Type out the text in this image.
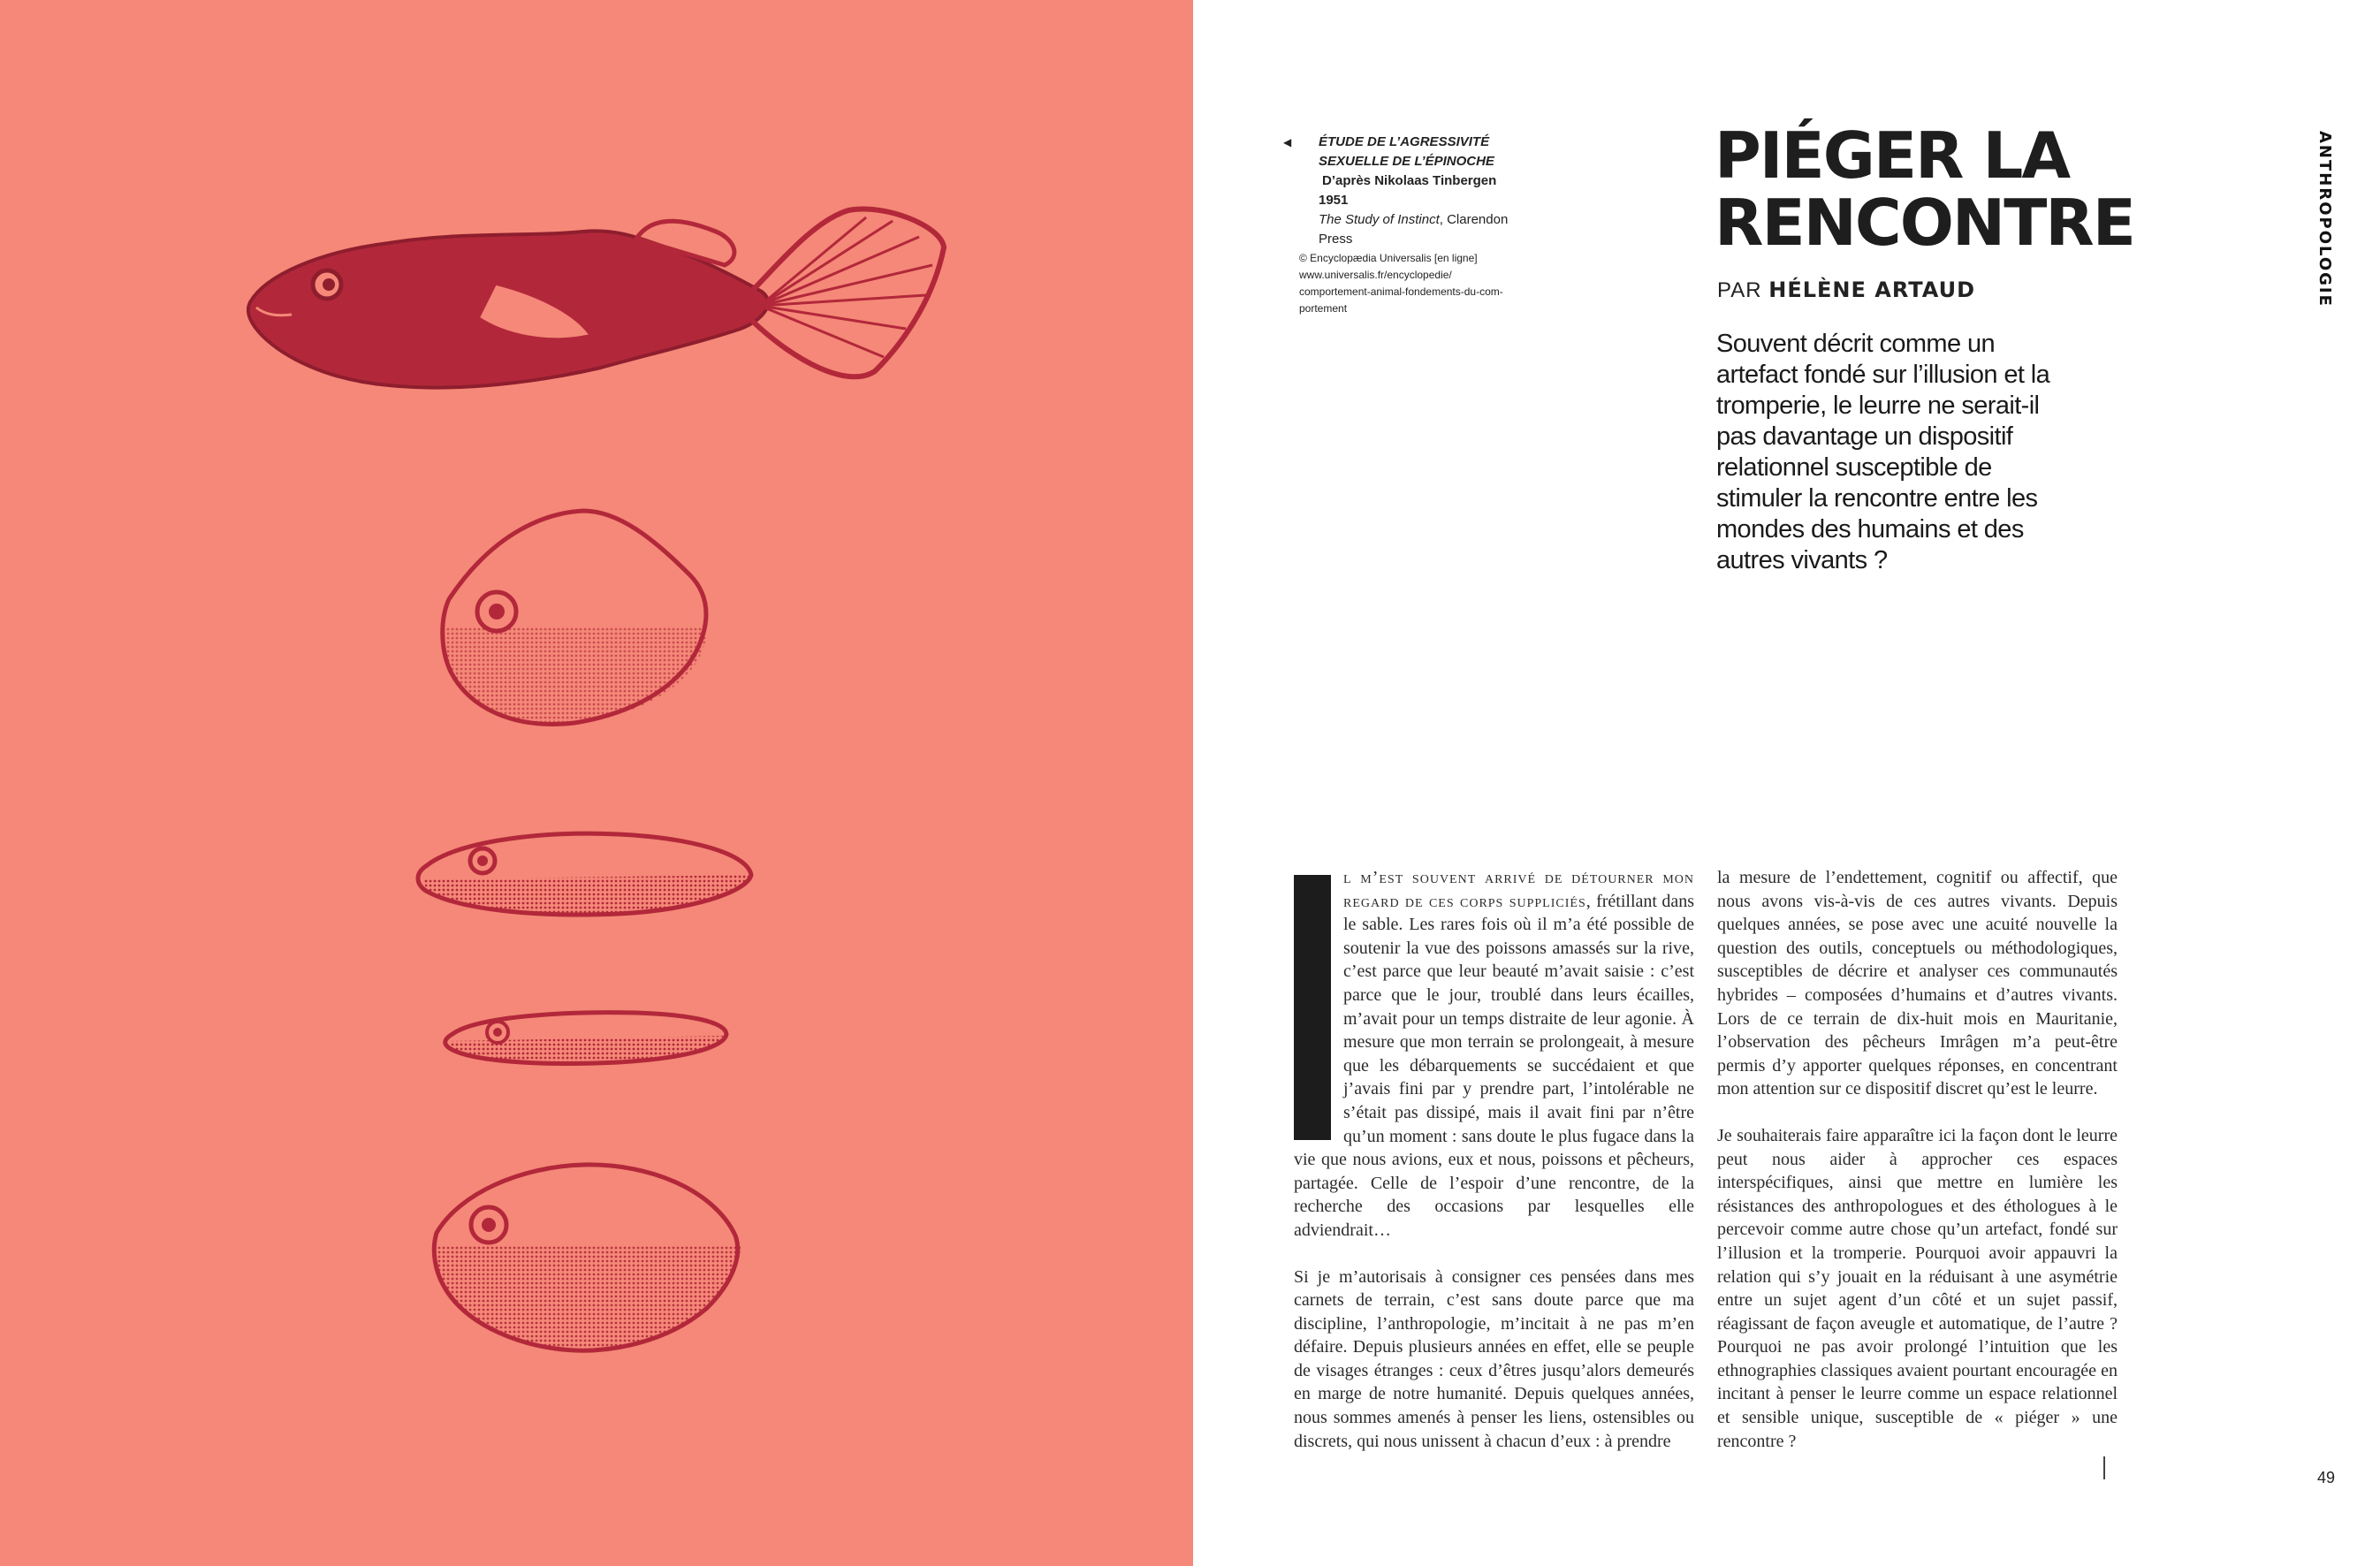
◀	ÉTUDE DE L’AGRESSIVITÉ
SEXUELLE DE L’ÉPINOCHE
D’après Nikolaas Tinbergen
1951
The Study of Instinct, Clarendon
Press
© Encyclopædia Universalis [en ligne]
www.universalis.fr/encyclopedie/
comportement-animal-fondements-du-com-
portement
PIÉGER LA
RENCONTRE
PAR HÉLÈNE ARTAUD
Souvent décrit comme un artefact fondé sur l’illusion et la tromperie, le leurre ne serait-il pas davantage un dispositif relationnel susceptible de stimuler la rencontre entre les mondes des humains et des autres vivants ?
ANTHROPOLOGIE

l m’est souvent arrivé de détourner mon regard de ces corps suppliciés, frétillant dans le sable. Les rares fois où il m’a été possible de soutenir la vue des poissons amassés sur la rive, c’est parce que leur beauté m’avait saisie : c’est parce que le jour, troublé dans leurs écailles, m’avait pour un temps distraite de leur agonie. À mesure que mon terrain se prolongeait, à mesure que les débarquements se succédaient et que j’avais fini par y prendre part, l’intolérable ne s’était pas dissipé, mais il avait fini par n’être qu’un moment : sans doute le plus fugace dans la vie que nous avions, eux et nous, poissons et pêcheurs, partagée. Celle de l’espoir d’une rencontre, de la recherche des occasions par lesquelles elle adviendrait…

Si je m’autorisais à consigner ces pensées dans mes carnets de terrain, c’est sans doute parce que ma discipline, l’anthropologie, m’incitait à ne pas m’en défaire. Depuis plusieurs années en effet, elle se peuple de visages étranges : ceux d’êtres jusqu’alors demeurés en marge de notre humanité. Depuis quelques années, nous sommes amenés à penser les liens, ostensibles ou discrets, qui nous unissent à chacun d’eux : à prendre

la mesure de l’endettement, cognitif ou affectif, que nous avons vis-à-vis de ces autres vivants. Depuis quelques années, se pose avec une acuité nouvelle la question des outils, conceptuels ou méthodologiques, susceptibles de décrire et analyser ces communautés hybrides – composées d’humains et d’autres vivants. Lors de ce terrain de dix-huit mois en Mauritanie, l’observation des pêcheurs Imrâgen m’a peut-être permis d’y apporter quelques réponses, en concentrant mon attention sur ce dispositif discret qu’est le leurre.

Je souhaiterais faire apparaître ici la façon dont le leurre peut nous aider à approcher ces espaces interspécifiques, ainsi que mettre en lumière les résistances des anthropologues et des éthologues à le percevoir comme autre chose qu’un artefact, fondé sur l’illusion et la tromperie. Pourquoi avoir appauvri la relation qui s’y jouait en la réduisant à une asymétrie entre un sujet agent d’un côté et un sujet passif, réagissant de façon aveugle et automatique, de l’autre ? Pourquoi ne pas avoir prolongé l’intuition que les ethnographies classiques avaient pourtant encouragée en incitant à penser le leurre comme un espace relationnel et sensible unique, susceptible de « piéger » une rencontre ?

49
